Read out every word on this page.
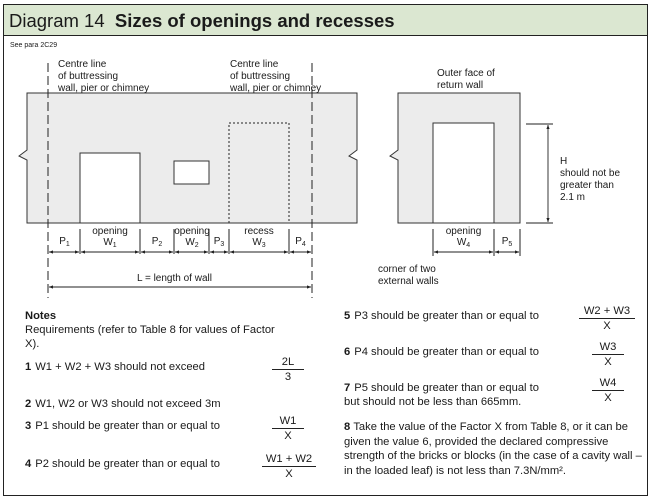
Diagram 14 Sizes of openings and recesses
See para 2C29
Centre line
of buttressing
wall, pier or chimney
Centre line
of buttressing
wall, pier or chimney
Outer face of
return wall
H
should not be
greater than
2.1 m
corner of two
external walls
L = length of wall
$P_1$
opening
$W_1$	$P_2$
opening
$W_2$	$P_3$
recess
$W_3$	$P_4$
opening
$W_4$	$P_5$
Notes
Requirements (refer to Table 8 for values of Factor X).
1 W1 + W2 + W3 should not exceed	$\frac{2L}{3}$
2 W1, W2 or W3 should not exceed 3m
3 P1 should be greater than or equal to	$\frac{W1}{X}$
4 P2 should be greater than or equal to	$\frac{W1 + W2}{X}$
5 P3 should be greater than or equal to	$\frac{W2 + W3}{X}$
6 P4 should be greater than or equal to	$\frac{W3}{X}$
7 P5 should be greater than or equal to
but should not be less than 665mm.	$\frac{W4}{X}$
8 Take the value of the Factor X from Table 8, or it can be given the value 6, provided the declared compressive strength of the bricks or blocks (in the case of a cavity wall – in the loaded leaf) is not less than 7.3N/mm².
